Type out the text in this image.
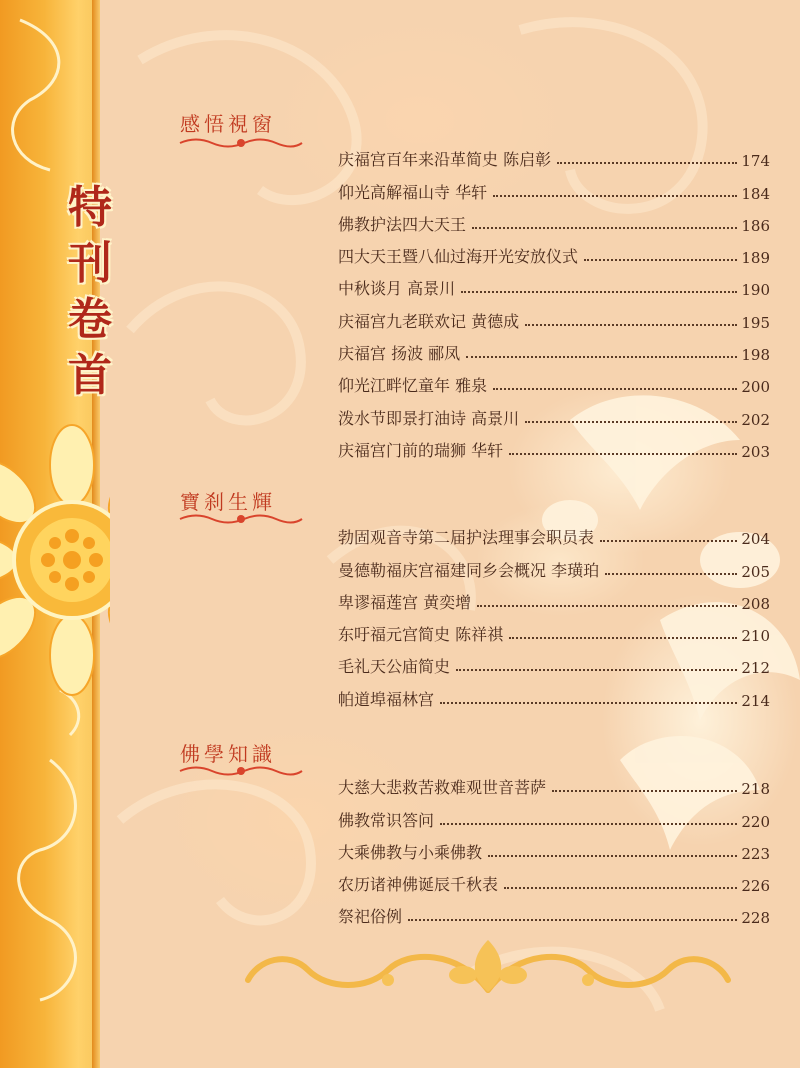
特
刊
卷
首
感悟視窗
庆福宫百年来沿革简史 陈启彰	174
仰光高解福山寺 华轩	184
佛教护法四大天王	186
四大天王暨八仙过海开光安放仪式	189
中秋谈月 高景川	190
庆福宫九老联欢记 黄德成	195
庆福宫 扬波 郦凤	198
仰光江畔忆童年 雅泉	200
泼水节即景打油诗 高景川	202
庆福宫门前的瑞狮 华轩	203
寶刹生輝
勃固观音寺第二届护法理事会职员表	204
曼德勒福庆宫福建同乡会概况 李璜珀	205
卑谬福莲宫 黄奕增	208
东吁福元宫简史 陈祥祺	210
毛礼天公庙简史	212
帕道埠福林宫	214
佛學知識
大慈大悲救苦救难观世音菩萨	218
佛教常识答问	220
大乘佛教与小乘佛教	223
农历诸神佛诞辰千秋表	226
祭祀俗例	228
